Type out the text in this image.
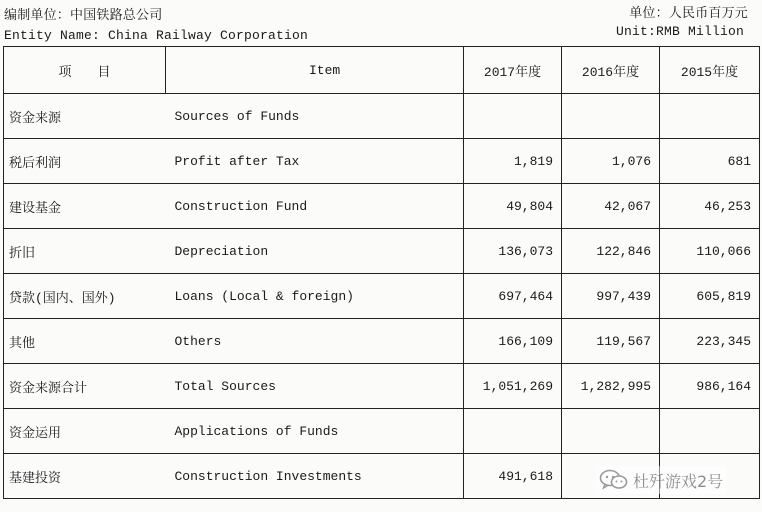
编制单位：中国铁路总公司
Entity Name: China Railway Corporation
单位：人民币百万元
Unit:RMB Million
项　　目	Item	2017年度	2016年度	2015年度
资金来源	Sources of Funds			
税后利润	Profit after Tax	1,819	1,076	681
建设基金	Construction Fund	49,804	42,067	46,253
折旧	Depreciation	136,073	122,846	110,066
贷款(国内、国外)	Loans (Local & foreign)	697,464	997,439	605,819
其他	Others	166,109	119,567	223,345
资金来源合计	Total Sources	1,051,269	1,282,995	986,164
资金运用	Applications of Funds			
基建投资	Construction Investments	491,618			杜歼游戏2号
